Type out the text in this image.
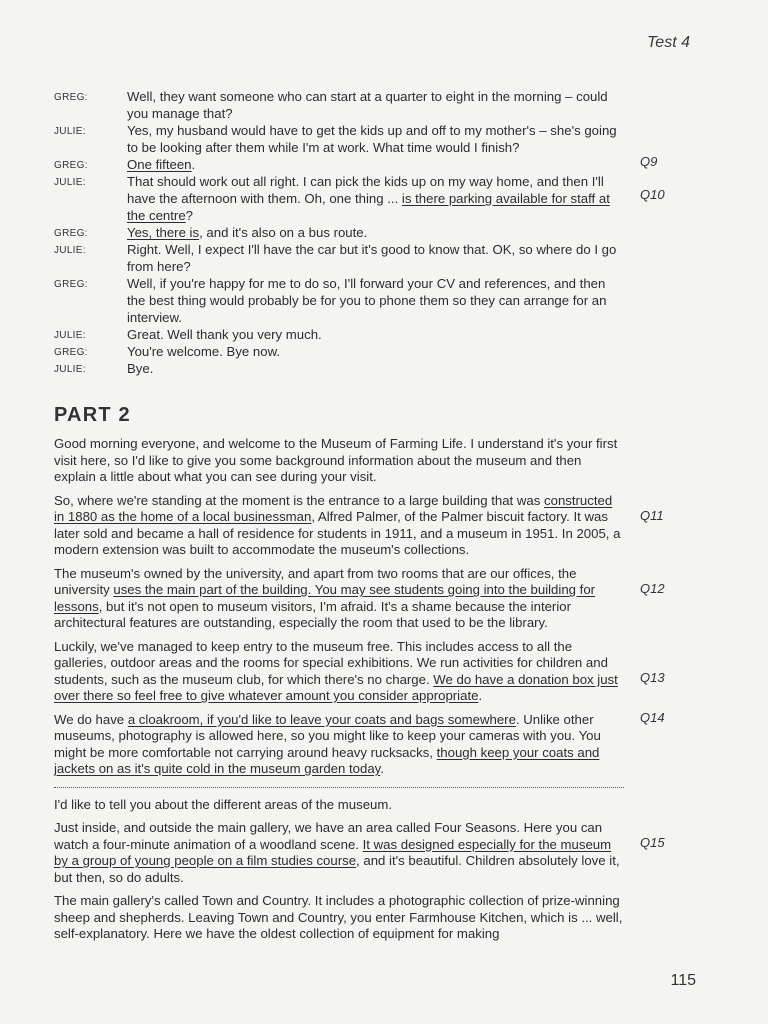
Test 4
GREG:	Well, they want someone who can start at a quarter to eight in the morning – could you manage that?
JULIE:	Yes, my husband would have to get the kids up and off to my mother's – she's going to be looking after them while I'm at work. What time would I finish?
GREG:	One fifteen.	Q9
JULIE:	That should work out all right. I can pick the kids up on my way home, and then I'll have the afternoon with them. Oh, one thing ... is there parking available for staff at the centre?
Q10
GREG:	Yes, there is, and it's also on a bus route.
JULIE:	Right. Well, I expect I'll have the car but it's good to know that. OK, so where do I go from here?
GREG:	Well, if you're happy for me to do so, I'll forward your CV and references, and then the best thing would probably be for you to phone them so they can arrange for an interview.
JULIE:	Great. Well thank you very much.
GREG:	You're welcome. Bye now.
JULIE:	Bye.
PART 2

Good morning everyone, and welcome to the Museum of Farming Life. I understand it's your first visit here, so I'd like to give you some background information about the museum and then explain a little about what you can see during your visit.

So, where we're standing at the moment is the entrance to a large building that was constructed in 1880 as the home of a local businessman, Alfred Palmer, of the Palmer biscuit factory. It was later sold and became a hall of residence for students in 1911, and a museum in 1951. In 2005, a modern extension was built to accommodate the museum's collections.
Q11

The museum's owned by the university, and apart from two rooms that are our offices, the university uses the main part of the building. You may see students going into the building for lessons, but it's not open to museum visitors, I'm afraid. It's a shame because the interior architectural features are outstanding, especially the room that used to be the library.
Q12

Luckily, we've managed to keep entry to the museum free. This includes access to all the galleries, outdoor areas and the rooms for special exhibitions. We run activities for children and students, such as the museum club, for which there's no charge. We do have a donation box just over there so feel free to give whatever amount you consider appropriate.
Q13

We do have a cloakroom, if you'd like to leave your coats and bags somewhere. Unlike other museums, photography is allowed here, so you might like to keep your cameras with you. You might be more comfortable not carrying around heavy rucksacks, though keep your coats and jackets on as it's quite cold in the museum garden today.
Q14

I'd like to tell you about the different areas of the museum.

Just inside, and outside the main gallery, we have an area called Four Seasons. Here you can watch a four-minute animation of a woodland scene. It was designed especially for the museum by a group of young people on a film studies course, and it's beautiful. Children absolutely love it, but then, so do adults.
Q15

The main gallery's called Town and Country. It includes a photographic collection of prize-winning sheep and shepherds. Leaving Town and Country, you enter Farmhouse Kitchen, which is ... well, self-explanatory. Here we have the oldest collection of equipment for making

115
